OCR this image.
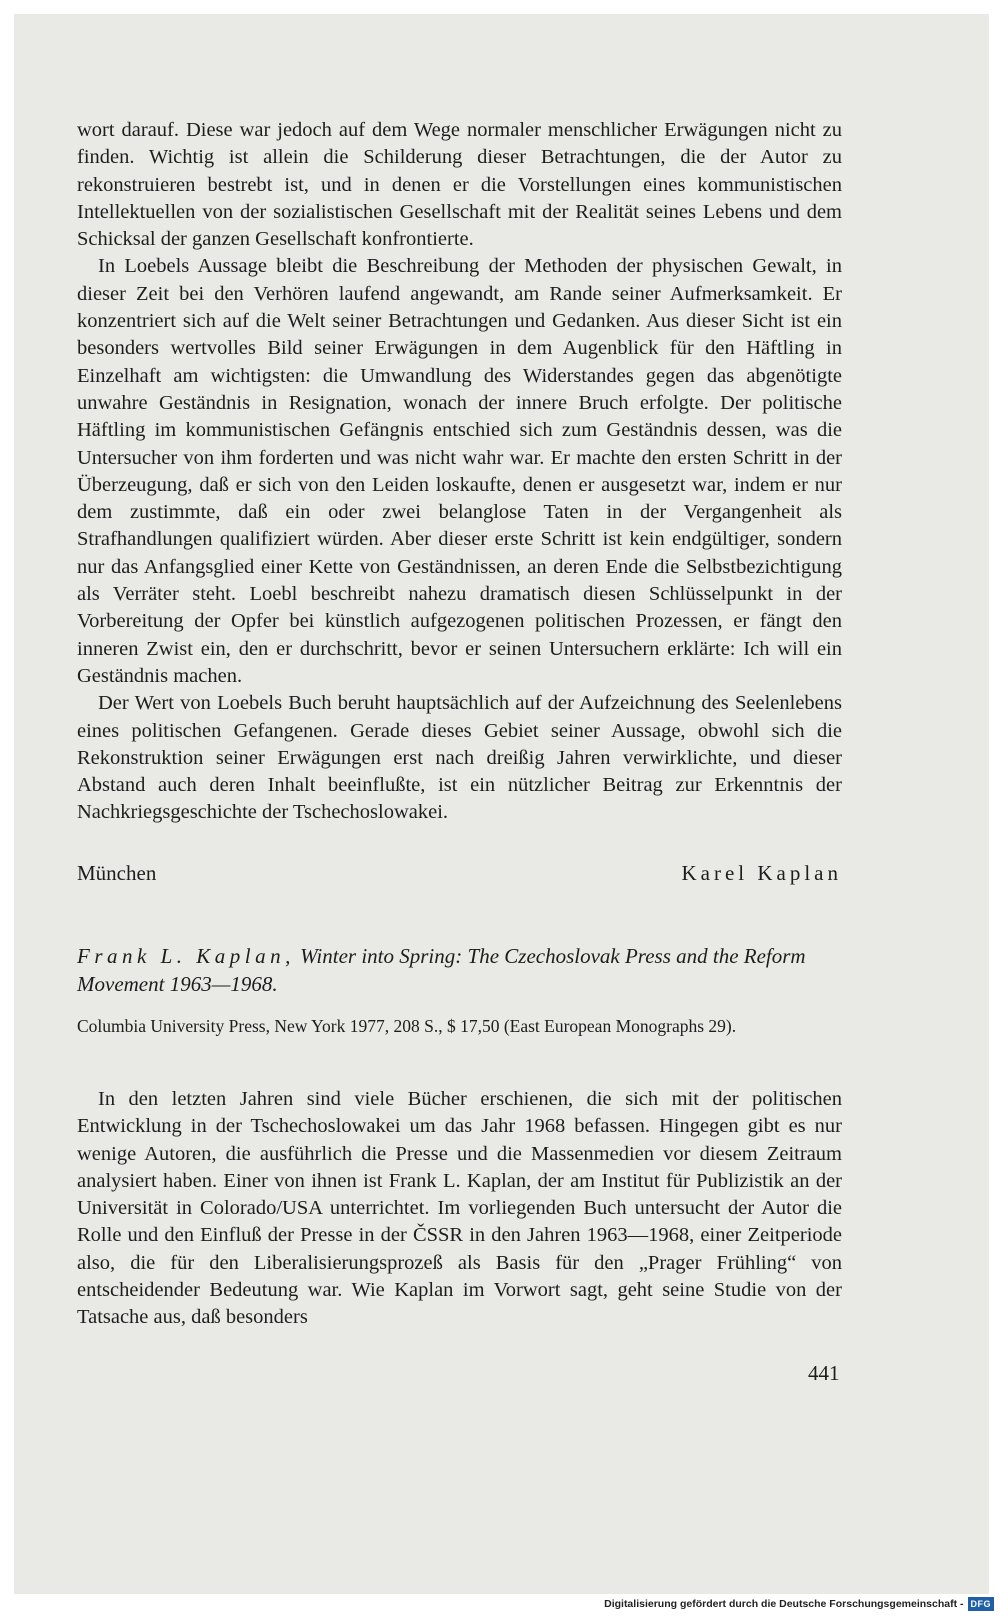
wort darauf. Diese war jedoch auf dem Wege normaler menschlicher Erwägungen nicht zu finden. Wichtig ist allein die Schilderung dieser Betrachtungen, die der Autor zu rekonstruieren bestrebt ist, und in denen er die Vorstellungen eines kommunistischen Intellektuellen von der sozialistischen Gesellschaft mit der Realität seines Lebens und dem Schicksal der ganzen Gesellschaft konfrontierte.

In Loebels Aussage bleibt die Beschreibung der Methoden der physischen Gewalt, in dieser Zeit bei den Verhören laufend angewandt, am Rande seiner Aufmerksamkeit. Er konzentriert sich auf die Welt seiner Betrachtungen und Gedanken. Aus dieser Sicht ist ein besonders wertvolles Bild seiner Erwägungen in dem Augenblick für den Häftling in Einzelhaft am wichtigsten: die Umwandlung des Widerstandes gegen das abgenötigte unwahre Geständnis in Resignation, wonach der innere Bruch erfolgte. Der politische Häftling im kommunistischen Gefängnis entschied sich zum Geständnis dessen, was die Untersucher von ihm forderten und was nicht wahr war. Er machte den ersten Schritt in der Überzeugung, daß er sich von den Leiden loskaufte, denen er ausgesetzt war, indem er nur dem zustimmte, daß ein oder zwei belanglose Taten in der Vergangenheit als Strafhandlungen qualifiziert würden. Aber dieser erste Schritt ist kein endgültiger, sondern nur das Anfangsglied einer Kette von Geständnissen, an deren Ende die Selbstbezichtigung als Verräter steht. Loebl beschreibt nahezu dramatisch diesen Schlüsselpunkt in der Vorbereitung der Opfer bei künstlich aufgezogenen politischen Prozessen, er fängt den inneren Zwist ein, den er durchschritt, bevor er seinen Untersuchern erklärte: Ich will ein Geständnis machen.

Der Wert von Loebels Buch beruht hauptsächlich auf der Aufzeichnung des Seelenlebens eines politischen Gefangenen. Gerade dieses Gebiet seiner Aussage, obwohl sich die Rekonstruktion seiner Erwägungen erst nach dreißig Jahren verwirklichte, und dieser Abstand auch deren Inhalt beeinflußte, ist ein nützlicher Beitrag zur Erkenntnis der Nachkriegsgeschichte der Tschechoslowakei.

München	Karel Kaplan
Frank L. Kaplan, Winter into Spring: The Czechoslovak Press and the Reform Movement 1963—1968.
Columbia University Press, New York 1977, 208 S., $ 17,50 (East European Monographs 29).

In den letzten Jahren sind viele Bücher erschienen, die sich mit der politischen Entwicklung in der Tschechoslowakei um das Jahr 1968 befassen. Hingegen gibt es nur wenige Autoren, die ausführlich die Presse und die Massenmedien vor diesem Zeitraum analysiert haben. Einer von ihnen ist Frank L. Kaplan, der am Institut für Publizistik an der Universität in Colorado/USA unterrichtet. Im vorliegenden Buch untersucht der Autor die Rolle und den Einfluß der Presse in der ČSSR in den Jahren 1963—1968, einer Zeitperiode also, die für den Liberalisierungsprozeß als Basis für den „Prager Frühling“ von entscheidender Bedeutung war. Wie Kaplan im Vorwort sagt, geht seine Studie von der Tatsache aus, daß besonders

441
Digitalisierung gefördert durch die Deutsche Forschungsgemeinschaft - DFG
